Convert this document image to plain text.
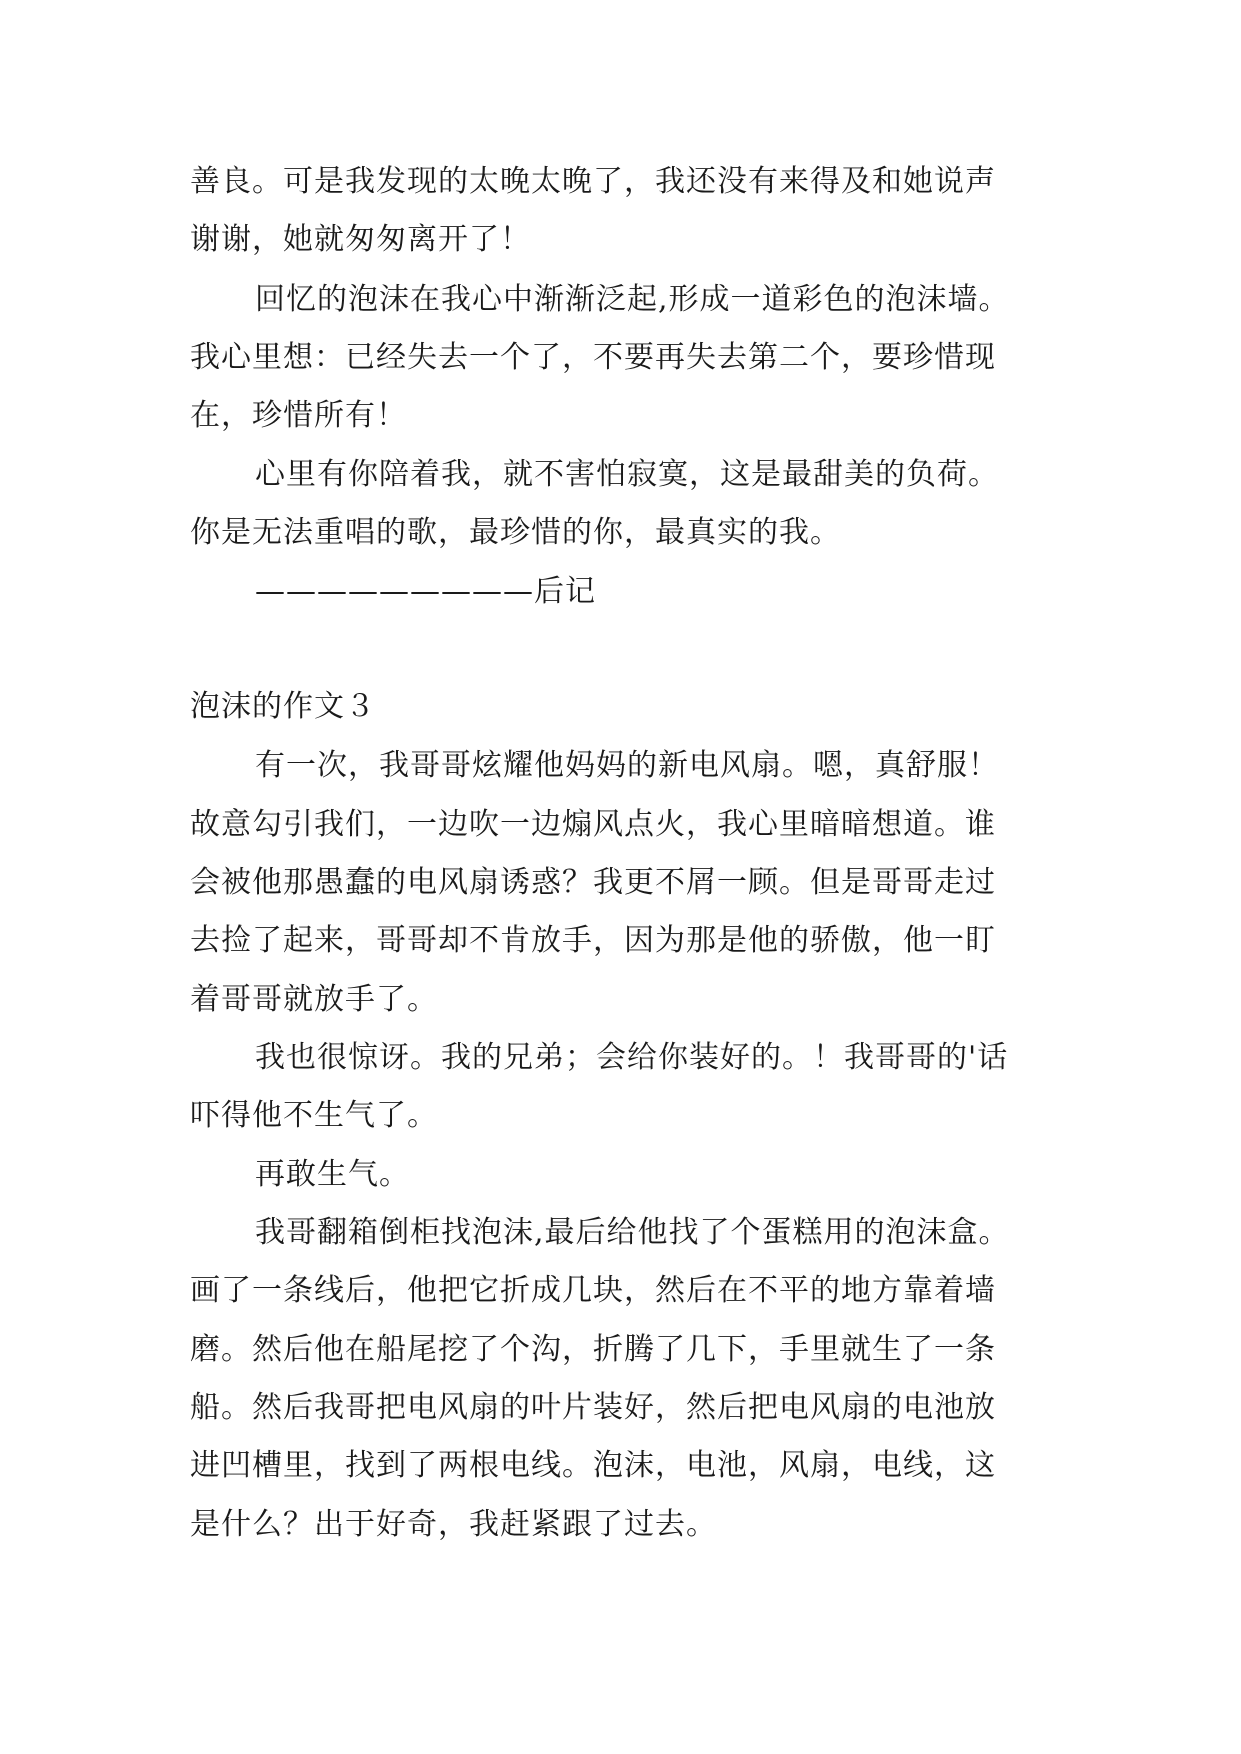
善良。可是我发现的太晚太晚了，我还没有来得及和她说声
谢谢，她就匆匆离开了！
回忆的泡沫在我心中渐渐泛起,形成一道彩色的泡沫墙。
我心里想：已经失去一个了，不要再失去第二个，要珍惜现
在，珍惜所有！
心里有你陪着我，就不害怕寂寞，这是最甜美的负荷。
你是无法重唱的歌，最珍惜的你，最真实的我。
—————————后记
泡沫的作文３
有一次，我哥哥炫耀他妈妈的新电风扇。嗯，真舒服！
故意勾引我们，一边吹一边煽风点火，我心里暗暗想道。谁
会被他那愚蠢的电风扇诱惑？我更不屑一顾。但是哥哥走过
去捡了起来，哥哥却不肯放手，因为那是他的骄傲，他一盯
着哥哥就放手了。
我也很惊讶。我的兄弟；会给你装好的。！我哥哥的'话
吓得他不生气了。
再敢生气。
我哥翻箱倒柜找泡沫,最后给他找了个蛋糕用的泡沫盒。
画了一条线后，他把它折成几块，然后在不平的地方靠着墙
磨。然后他在船尾挖了个沟，折腾了几下，手里就生了一条
船。然后我哥把电风扇的叶片装好，然后把电风扇的电池放
进凹槽里，找到了两根电线。泡沫，电池，风扇，电线，这
是什么？出于好奇，我赶紧跟了过去。
